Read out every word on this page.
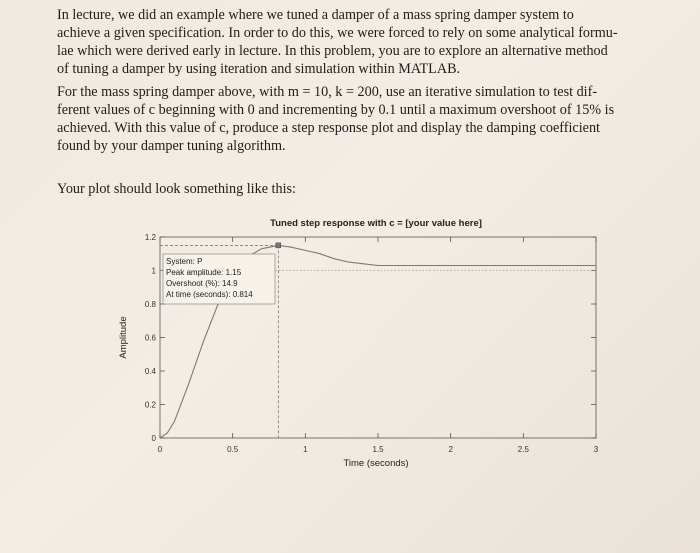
In lecture, we did an example where we tuned a damper of a mass spring damper system to

achieve a given specification. In order to do this, we were forced to rely on some analytical formu-

lae which were derived early in lecture. In this problem, you are to explore an alternative method

of tuning a damper by using iteration and simulation within MATLAB.

For the mass spring damper above, with m = 10, k = 200, use an iterative simulation to test dif-

ferent values of c beginning with 0 and incrementing by 0.1 until a maximum overshoot of 15% is

achieved. With this value of c, produce a step response plot and display the damping coefficient

found by your damper tuning algorithm.

Your plot should look something like this:

0	0.5	1	1.5	2	2.5	3
0
0.2
0.4
0.6
0.8
1
1.2
Tuned step response with c = [your value here]
Time (seconds)
Amplitude
System: P
Peak amplitude: 1.15
Overshoot (%): 14.9
At time (seconds): 0.814
